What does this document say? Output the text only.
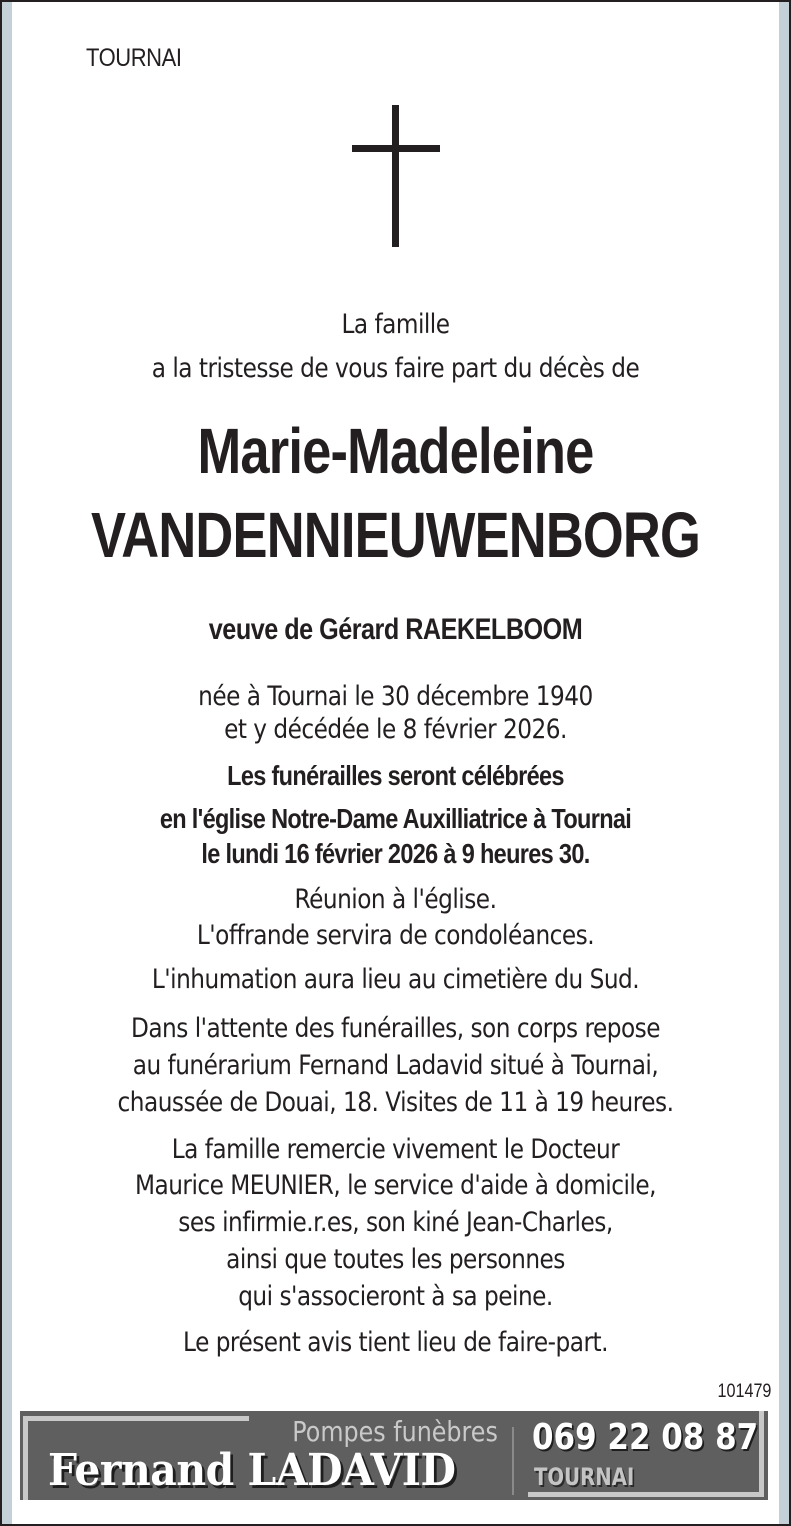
TOURNAI
La famille
a la tristesse de vous faire part du décès de
Marie-Madeleine
VANDENNIEUWENBORG
veuve de Gérard RAEKELBOOM
née à Tournai le 30 décembre 1940
et y décédée le 8 février 2026.
Les funérailles seront célébrées
en l'église Notre-Dame Auxilliatrice à Tournai
le lundi 16 février 2026 à 9 heures 30.
Réunion à l'église.
L'offrande servira de condoléances.
L'inhumation aura lieu au cimetière du Sud.
Dans l'attente des funérailles, son corps repose
au funérarium Fernand Ladavid situé à Tournai,
chaussée de Douai, 18. Visites de 11 à 19 heures.
La famille remercie vivement le Docteur
Maurice MEUNIER, le service d'aide à domicile,
ses infirmie.r.es, son kiné Jean-Charles,
ainsi que toutes les personnes
qui s'associeront à sa peine.
Le présent avis tient lieu de faire-part.
101479
Pompes funèbres
Fernand LADAVID
069 22 08 87
TOURNAI
